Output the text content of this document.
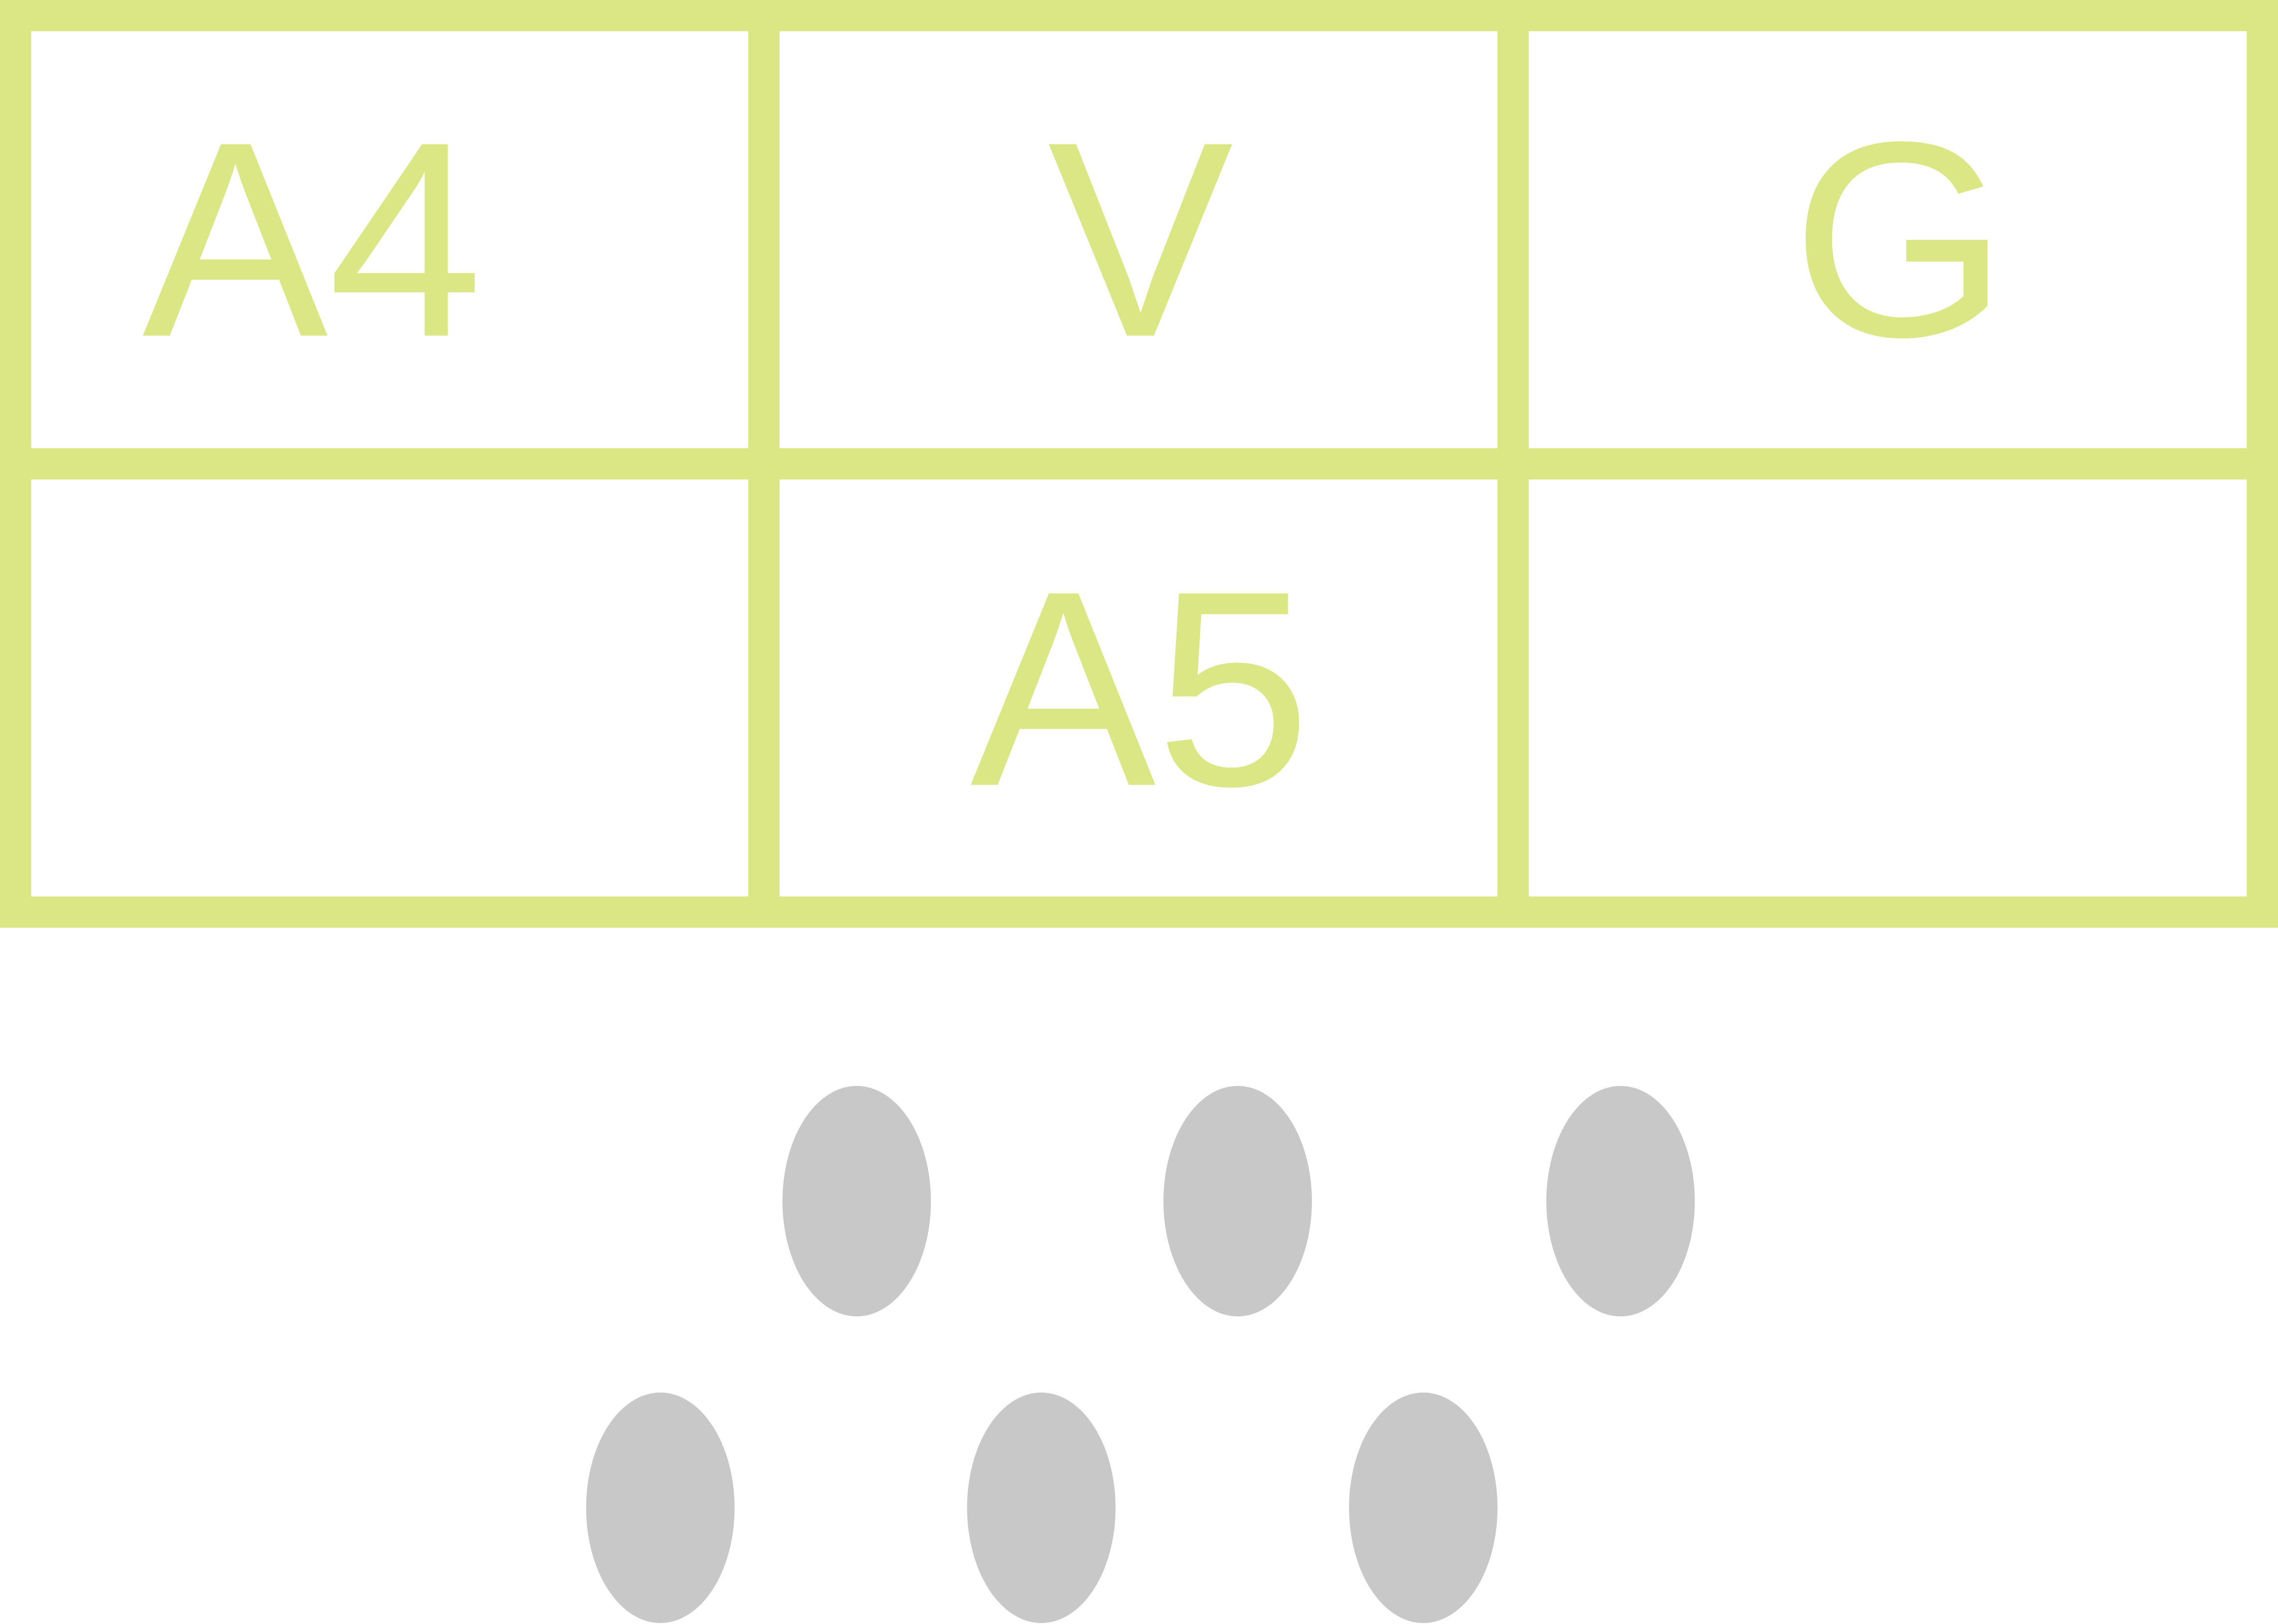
A4 V G
A5
